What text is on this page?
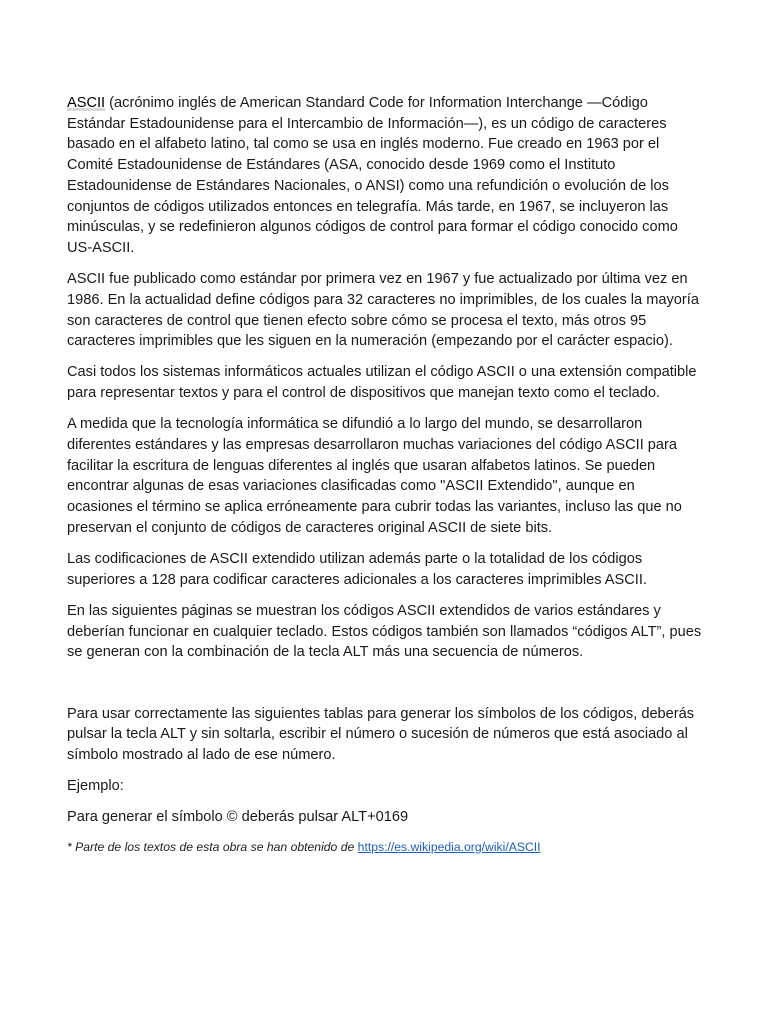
ASCII (acrónimo inglés de American Standard Code for Information Interchange —Código Estándar Estadounidense para el Intercambio de Información—), es un código de caracteres basado en el alfabeto latino, tal como se usa en inglés moderno. Fue creado en 1963 por el Comité Estadounidense de Estándares (ASA, conocido desde 1969 como el Instituto Estadounidense de Estándares Nacionales, o ANSI) como una refundición o evolución de los conjuntos de códigos utilizados entonces en telegrafía. Más tarde, en 1967, se incluyeron las minúsculas, y se redefinieron algunos códigos de control para formar el código conocido como US-ASCII.

ASCII fue publicado como estándar por primera vez en 1967 y fue actualizado por última vez en 1986. En la actualidad define códigos para 32 caracteres no imprimibles, de los cuales la mayoría son caracteres de control que tienen efecto sobre cómo se procesa el texto, más otros 95 caracteres imprimibles que les siguen en la numeración (empezando por el carácter espacio).

Casi todos los sistemas informáticos actuales utilizan el código ASCII o una extensión compatible para representar textos y para el control de dispositivos que manejan texto como el teclado.

A medida que la tecnología informática se difundió a lo largo del mundo, se desarrollaron diferentes estándares y las empresas desarrollaron muchas variaciones del código ASCII para facilitar la escritura de lenguas diferentes al inglés que usaran alfabetos latinos. Se pueden encontrar algunas de esas variaciones clasificadas como "ASCII Extendido", aunque en ocasiones el término se aplica erróneamente para cubrir todas las variantes, incluso las que no preservan el conjunto de códigos de caracteres original ASCII de siete bits.

Las codificaciones de ASCII extendido utilizan además parte o la totalidad de los códigos superiores a 128 para codificar caracteres adicionales a los caracteres imprimibles ASCII.

En las siguientes páginas se muestran los códigos ASCII extendidos de varios estándares y deberían funcionar en cualquier teclado. Estos códigos también son llamados “códigos ALT”, pues se generan con la combinación de la tecla ALT más una secuencia de números.

Para usar correctamente las siguientes tablas para generar los símbolos de los códigos, deberás pulsar la tecla ALT y sin soltarla, escribir el número o sucesión de números que está asociado al símbolo mostrado al lado de ese número.

Ejemplo:

Para generar el símbolo © deberás pulsar ALT+0169

* Parte de los textos de esta obra se han obtenido de https://es.wikipedia.org/wiki/ASCII
